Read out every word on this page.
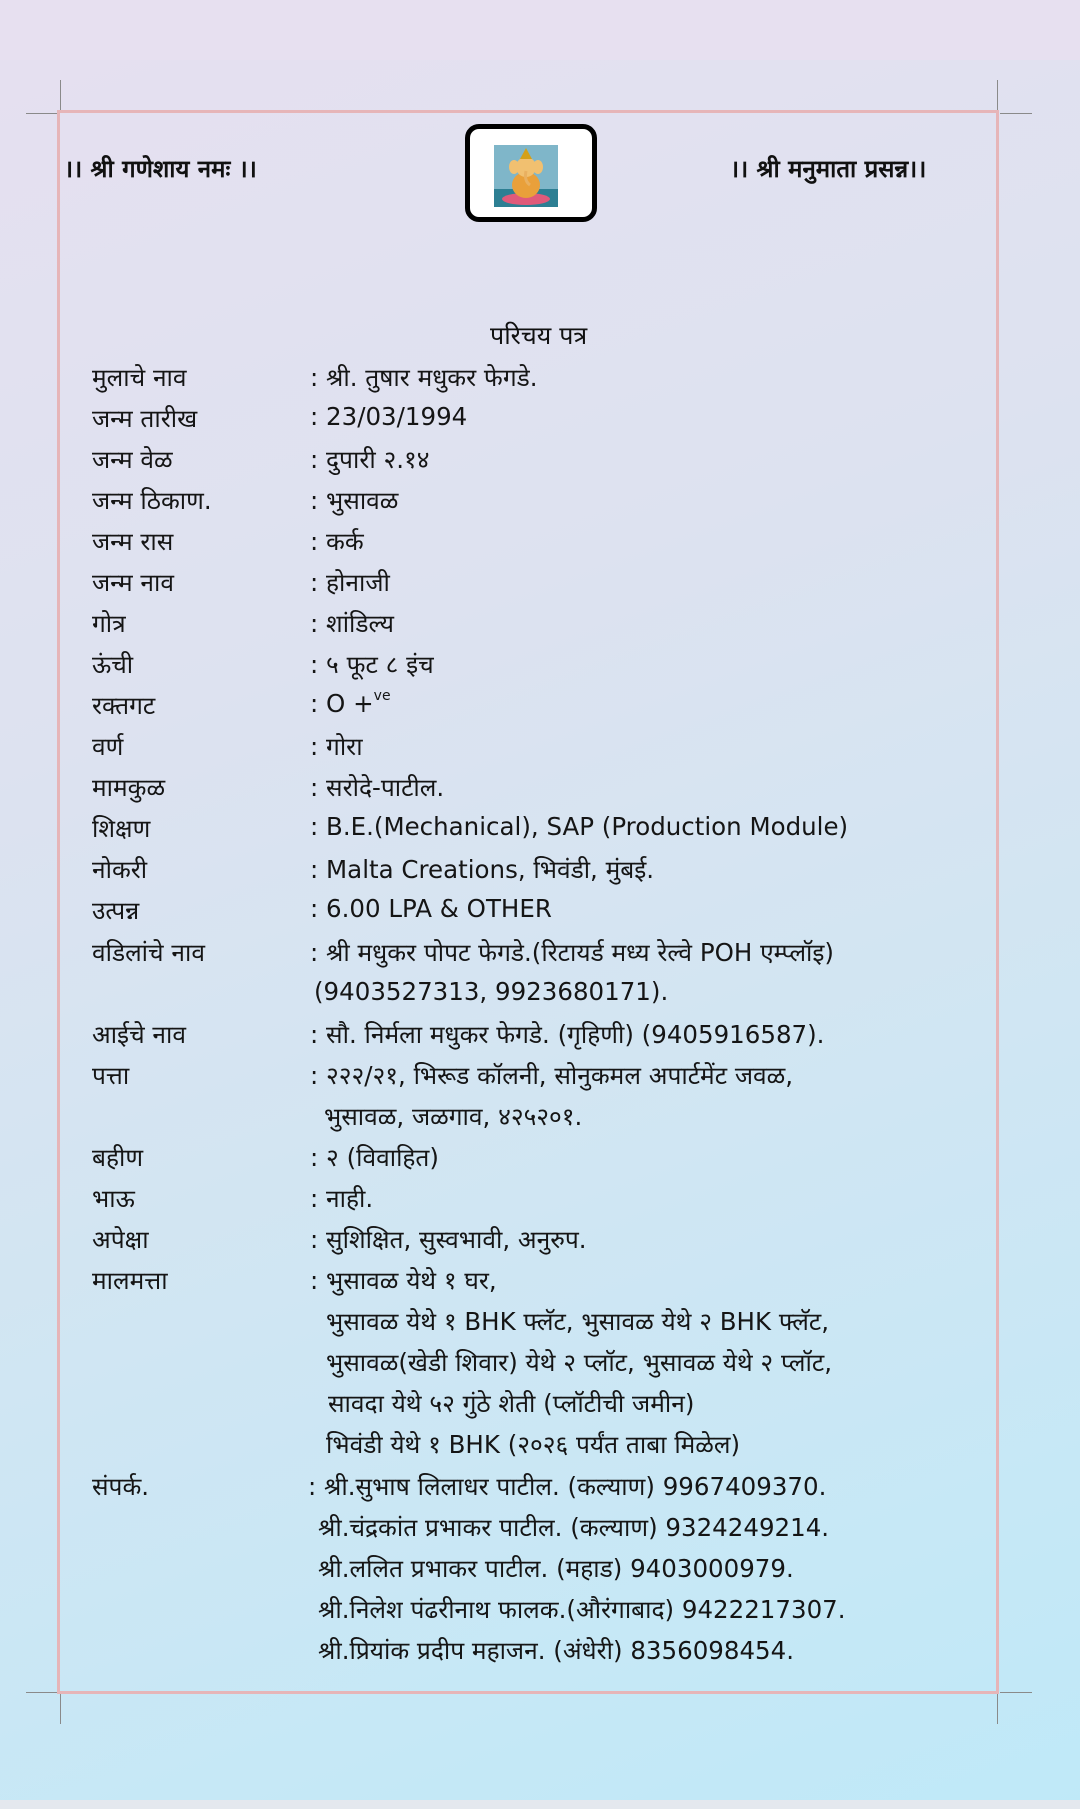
।। श्री गणेशाय नमः ।।	।। श्री मनुमाता प्रसन्न।।
परिचय पत्र
मुलाचे नाव	: श्री. तुषार मधुकर फेगडे.
जन्म तारीख	: 23/03/1994
जन्म वेळ	: दुपारी २.१४
जन्म ठिकाण.	: भुसावळ
जन्म रास	: कर्क
जन्म नाव	: होनाजी
गोत्र	: शांडिल्य
ऊंची	: ५ फूट ८ इंच
रक्तगट	: O +$^{ve}$
वर्ण	: गोरा
मामकुळ	: सरोदे-पाटील.
शिक्षण	: B.E.(Mechanical), SAP (Production Module)
नोकरी	: Malta Creations, भिवंडी, मुंबई.
उत्पन्न	: 6.00 LPA & OTHER
वडिलांचे नाव	: श्री मधुकर पोपट फेगडे.(रिटायर्ड मध्य रेल्वे POH एम्प्लॉइ)
(9403527313, 9923680171).
आईचे नाव	: सौ. निर्मला मधुकर फेगडे. (गृहिणी) (9405916587).
पत्ता	: २२२/२१, भिरूड कॉलनी, सोनुकमल अपार्टमेंट जवळ,
भुसावळ, जळगाव, ४२५२०१.
बहीण	: २ (विवाहित)
भाऊ	: नाही.
अपेक्षा	: सुशिक्षित, सुस्वभावी, अनुरुप.
मालमत्ता	: भुसावळ येथे १ घर,
भुसावळ येथे १ BHK फ्लॅट, भुसावळ येथे २ BHK फ्लॅट,
भुसावळ(खेडी शिवार) येथे २ प्लॉट, भुसावळ येथे २ प्लॉट,
सावदा येथे ५२ गुंठे शेती (प्लॉटीची जमीन)
भिवंडी येथे १ BHK (२०२६ पर्यंत ताबा मिळेल)
संपर्क.	: श्री.सुभाष लिलाधर पाटील. (कल्याण) 9967409370.
श्री.चंद्रकांत प्रभाकर पाटील. (कल्याण) 9324249214.
श्री.ललित प्रभाकर पाटील. (महाड) 9403000979.
श्री.निलेश पंढरीनाथ फालक.(औरंगाबाद) 9422217307.
श्री.प्रियांक प्रदीप महाजन. (अंधेरी) 8356098454.
